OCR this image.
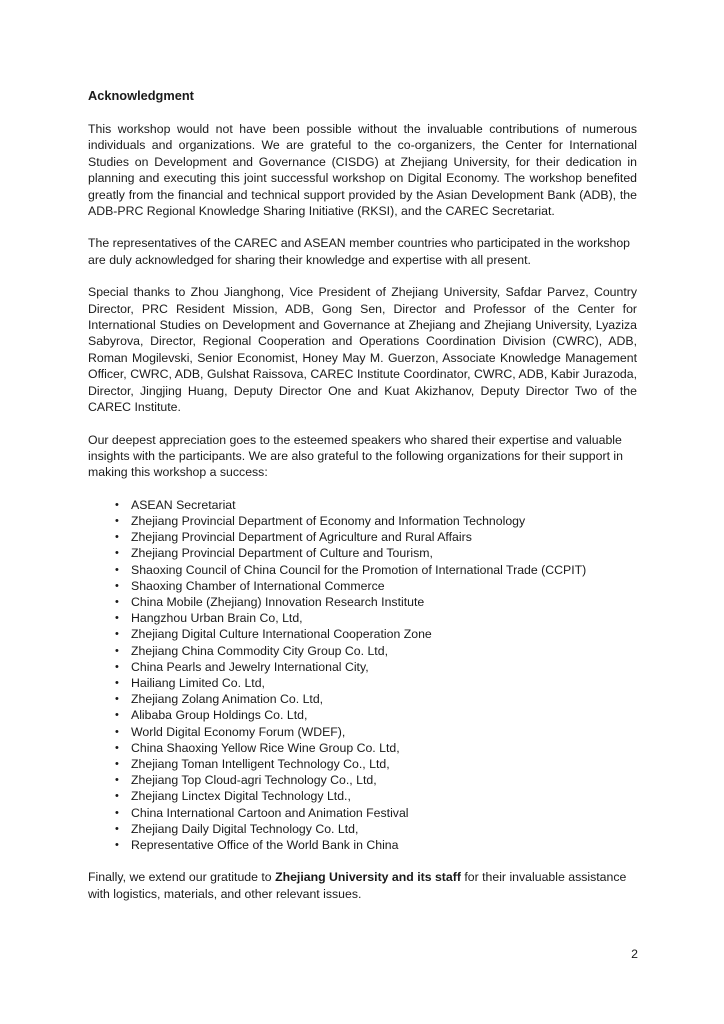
Acknowledgment

This workshop would not have been possible without the invaluable contributions of numerous individuals and organizations. We are grateful to the co-organizers, the Center for International Studies on Development and Governance (CISDG) at Zhejiang University, for their dedication in planning and executing this joint successful workshop on Digital Economy. The workshop benefited greatly from the financial and technical support provided by the Asian Development Bank (ADB), the ADB-PRC Regional Knowledge Sharing Initiative (RKSI), and the CAREC Secretariat.

The representatives of the CAREC and ASEAN member countries who participated in the workshop are duly acknowledged for sharing their knowledge and expertise with all present.

Special thanks to Zhou Jianghong, Vice President of Zhejiang University, Safdar Parvez, Country Director, PRC Resident Mission, ADB, Gong Sen, Director and Professor of the Center for International Studies on Development and Governance at Zhejiang and Zhejiang University, Lyaziza Sabyrova, Director, Regional Cooperation and Operations Coordination Division (CWRC), ADB, Roman Mogilevski, Senior Economist, Honey May M. Guerzon, Associate Knowledge Management Officer, CWRC, ADB, Gulshat Raissova, CAREC Institute Coordinator, CWRC, ADB, Kabir Jurazoda, Director, Jingjing Huang, Deputy Director One and Kuat Akizhanov, Deputy Director Two of the CAREC Institute.

Our deepest appreciation goes to the esteemed speakers who shared their expertise and valuable insights with the participants. We are also grateful to the following organizations for their support in making this workshop a success:

• ASEAN Secretariat
• Zhejiang Provincial Department of Economy and Information Technology
• Zhejiang Provincial Department of Agriculture and Rural Affairs
• Zhejiang Provincial Department of Culture and Tourism,
• Shaoxing Council of China Council for the Promotion of International Trade (CCPIT)
• Shaoxing Chamber of International Commerce
• China Mobile (Zhejiang) Innovation Research Institute
• Hangzhou Urban Brain Co, Ltd,
• Zhejiang Digital Culture International Cooperation Zone
• Zhejiang China Commodity City Group Co. Ltd,
• China Pearls and Jewelry International City,
• Hailiang Limited Co. Ltd,
• Zhejiang Zolang Animation Co. Ltd,
• Alibaba Group Holdings Co. Ltd,
• World Digital Economy Forum (WDEF),
• China Shaoxing Yellow Rice Wine Group Co. Ltd,
• Zhejiang Toman Intelligent Technology Co., Ltd,
• Zhejiang Top Cloud-agri Technology Co., Ltd,
• Zhejiang Linctex Digital Technology Ltd.,
• China International Cartoon and Animation Festival
• Zhejiang Daily Digital Technology Co. Ltd,
• Representative Office of the World Bank in China

Finally, we extend our gratitude to Zhejiang University and its staff for their invaluable assistance with logistics, materials, and other relevant issues.

2
